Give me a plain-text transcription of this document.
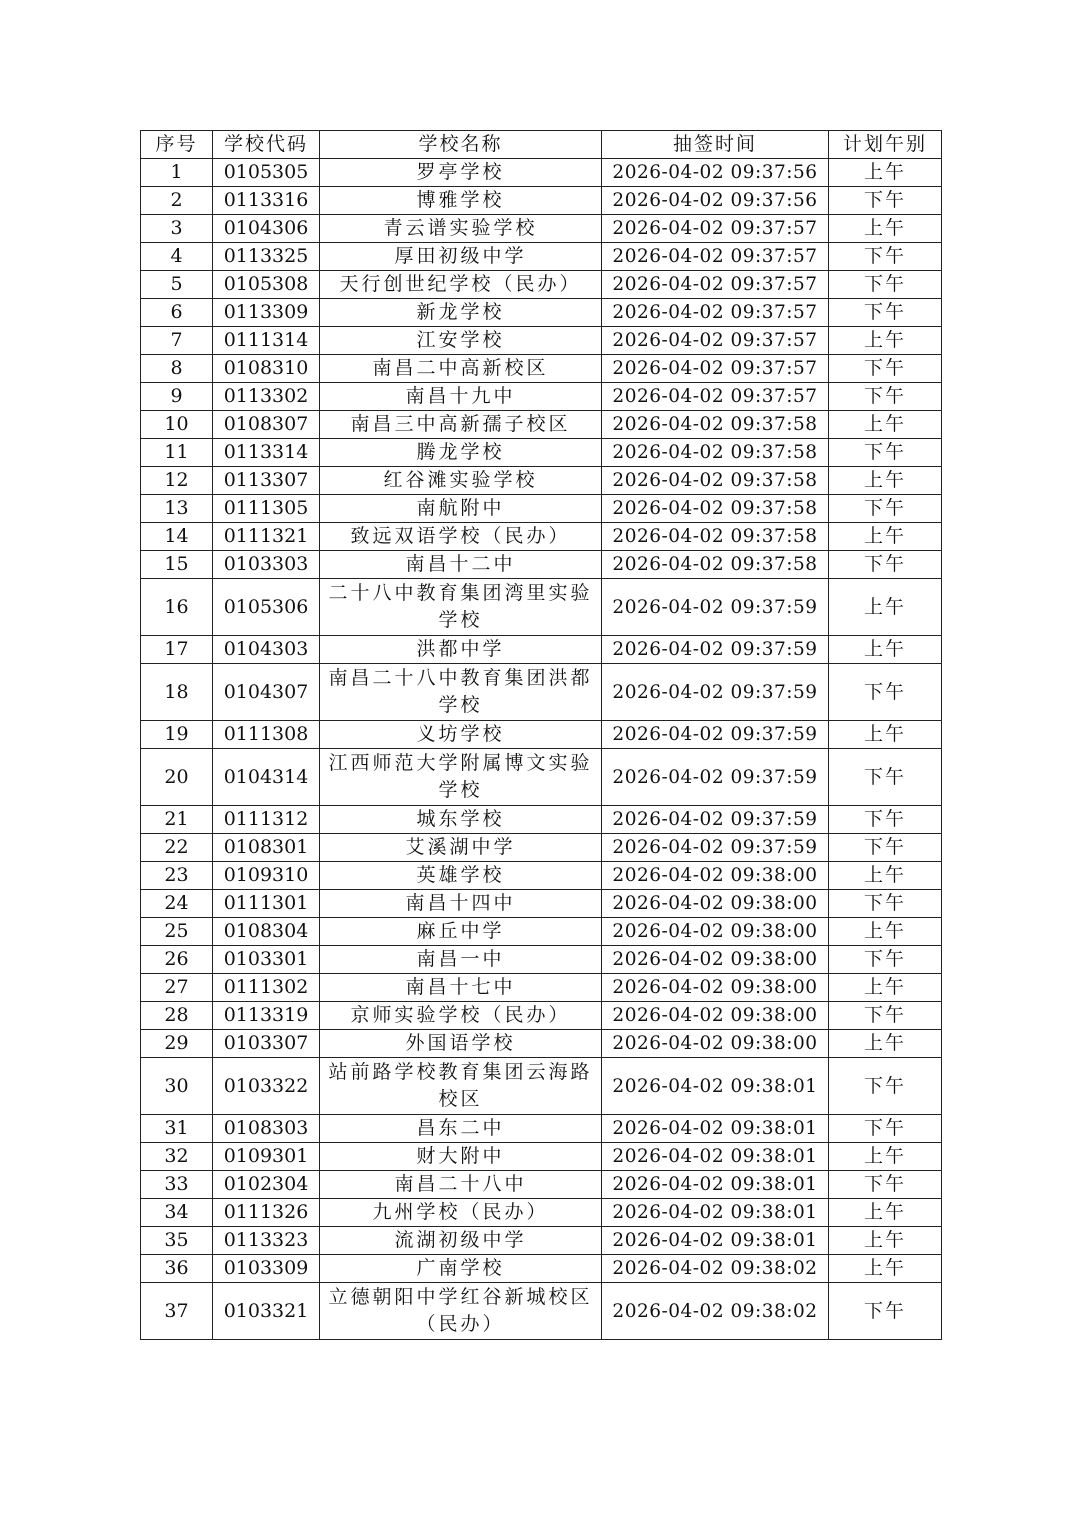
序号	学校代码	学校名称	抽签时间	计划午别
1	0105305	罗亭学校	2026-04-02 09:37:56	上午
2	0113316	博雅学校	2026-04-02 09:37:56	下午
3	0104306	青云谱实验学校	2026-04-02 09:37:57	上午
4	0113325	厚田初级中学	2026-04-02 09:37:57	下午
5	0105308	天行创世纪学校（民办）	2026-04-02 09:37:57	下午
6	0113309	新龙学校	2026-04-02 09:37:57	下午
7	0111314	江安学校	2026-04-02 09:37:57	上午
8	0108310	南昌二中高新校区	2026-04-02 09:37:57	下午
9	0113302	南昌十九中	2026-04-02 09:37:57	下午
10	0108307	南昌三中高新孺子校区	2026-04-02 09:37:58	上午
11	0113314	腾龙学校	2026-04-02 09:37:58	下午
12	0113307	红谷滩实验学校	2026-04-02 09:37:58	上午
13	0111305	南航附中	2026-04-02 09:37:58	下午
14	0111321	致远双语学校（民办）	2026-04-02 09:37:58	上午
15	0103303	南昌十二中	2026-04-02 09:37:58	下午
16	0105306	二十八中教育集团湾里实验学校	2026-04-02 09:37:59	上午
17	0104303	洪都中学	2026-04-02 09:37:59	上午
18	0104307	南昌二十八中教育集团洪都学校	2026-04-02 09:37:59	下午
19	0111308	义坊学校	2026-04-02 09:37:59	上午
20	0104314	江西师范大学附属博文实验学校	2026-04-02 09:37:59	下午
21	0111312	城东学校	2026-04-02 09:37:59	下午
22	0108301	艾溪湖中学	2026-04-02 09:37:59	下午
23	0109310	英雄学校	2026-04-02 09:38:00	上午
24	0111301	南昌十四中	2026-04-02 09:38:00	下午
25	0108304	麻丘中学	2026-04-02 09:38:00	上午
26	0103301	南昌一中	2026-04-02 09:38:00	下午
27	0111302	南昌十七中	2026-04-02 09:38:00	上午
28	0113319	京师实验学校（民办）	2026-04-02 09:38:00	下午
29	0103307	外国语学校	2026-04-02 09:38:00	上午
30	0103322	站前路学校教育集团云海路校区	2026-04-02 09:38:01	下午
31	0108303	昌东二中	2026-04-02 09:38:01	下午
32	0109301	财大附中	2026-04-02 09:38:01	上午
33	0102304	南昌二十八中	2026-04-02 09:38:01	下午
34	0111326	九州学校（民办）	2026-04-02 09:38:01	上午
35	0113323	流湖初级中学	2026-04-02 09:38:01	上午
36	0103309	广南学校	2026-04-02 09:38:02	上午
37	0103321	立德朝阳中学红谷新城校区（民办）	2026-04-02 09:38:02	下午
